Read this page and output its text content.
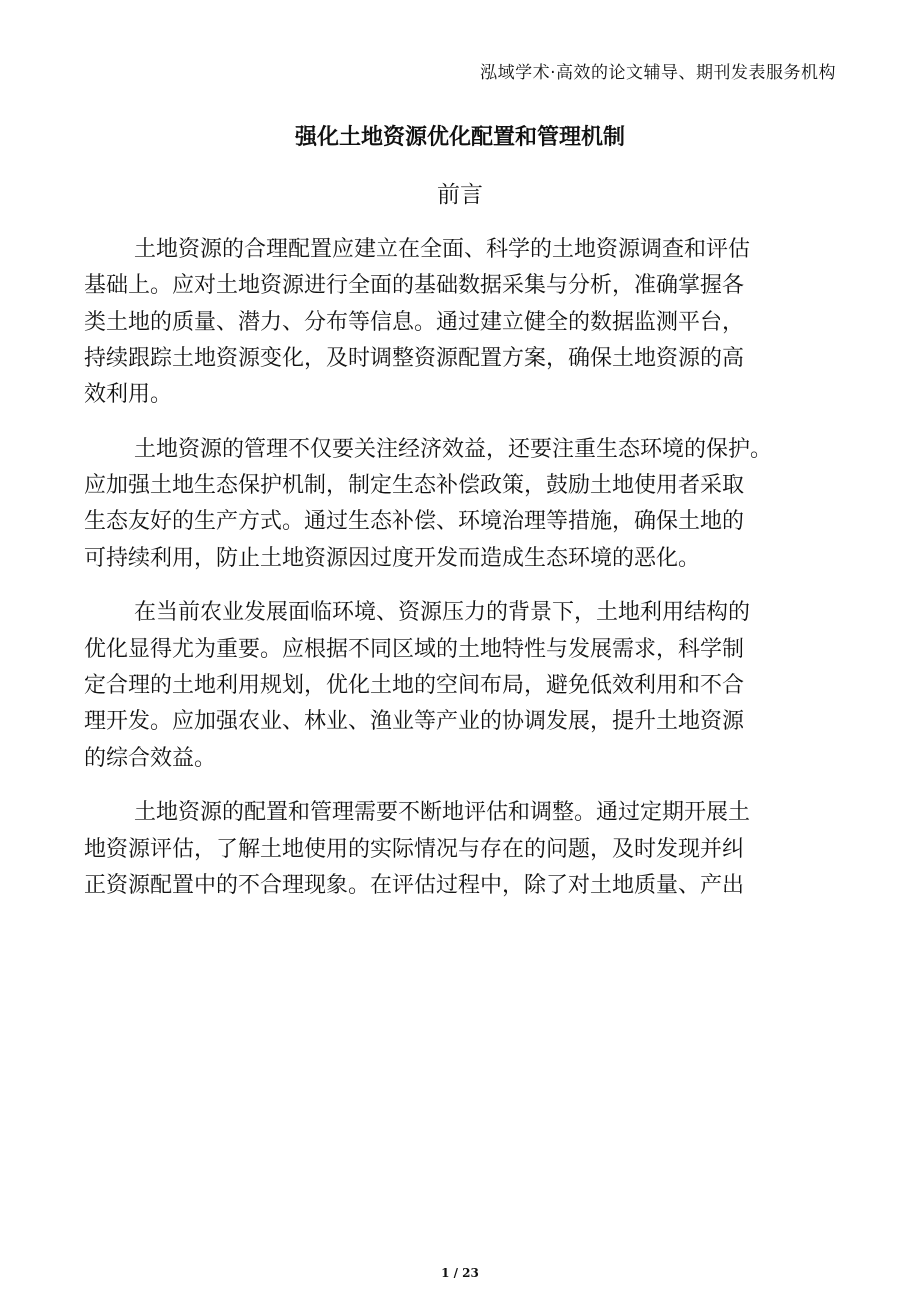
泓域学术·高效的论文辅导、期刊发表服务机构
强化土地资源优化配置和管理机制
前言

土地资源的合理配置应建立在全面、科学的土地资源调查和评估
基础上。应对土地资源进行全面的基础数据采集与分析，准确掌握各
类土地的质量、潜力、分布等信息。通过建立健全的数据监测平台，
持续跟踪土地资源变化，及时调整资源配置方案，确保土地资源的高
效利用。

土地资源的管理不仅要关注经济效益，还要注重生态环境的保护。
应加强土地生态保护机制，制定生态补偿政策，鼓励土地使用者采取
生态友好的生产方式。通过生态补偿、环境治理等措施，确保土地的
可持续利用，防止土地资源因过度开发而造成生态环境的恶化。

在当前农业发展面临环境、资源压力的背景下，土地利用结构的
优化显得尤为重要。应根据不同区域的土地特性与发展需求，科学制
定合理的土地利用规划，优化土地的空间布局，避免低效利用和不合
理开发。应加强农业、林业、渔业等产业的协调发展，提升土地资源
的综合效益。

土地资源的配置和管理需要不断地评估和调整。通过定期开展土
地资源评估，了解土地使用的实际情况与存在的问题，及时发现并纠
正资源配置中的不合理现象。在评估过程中，除了对土地质量、产出

1 / 23
